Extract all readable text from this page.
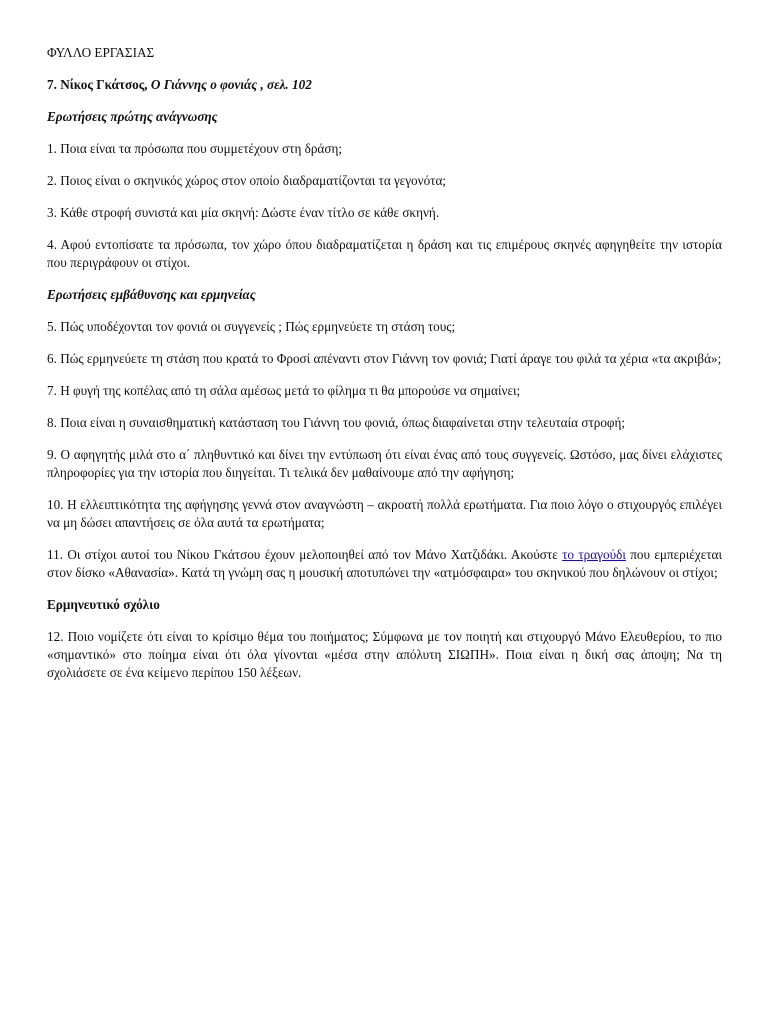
ΦΥΛΛΟ ΕΡΓΑΣΙΑΣ

7. Νίκος Γκάτσος, Ο Γιάννης ο φονιάς , σελ. 102

Ερωτήσεις πρώτης ανάγνωσης

1. Ποια είναι τα πρόσωπα που συμμετέχουν στη δράση;

2. Ποιος είναι ο σκηνικός χώρος στον οποίο διαδραματίζονται τα γεγονότα;

3. Κάθε στροφή συνιστά και μία σκηνή: Δώστε έναν τίτλο σε κάθε σκηνή.

4. Αφού εντοπίσατε τα πρόσωπα, τον χώρο όπου διαδραματίζεται η δράση και τις επιμέρους σκηνές αφηγηθείτε την ιστορία που περιγράφουν οι στίχοι.

Ερωτήσεις εμβάθυνσης και ερμηνείας

5. Πώς υποδέχονται τον φονιά οι συγγενείς ; Πώς ερμηνεύετε τη στάση τους;

6. Πώς ερμηνεύετε τη στάση που κρατά το Φροσί απέναντι στον Γιάννη τον φονιά; Γιατί άραγε του φιλά τα χέρια «τα ακριβά»;

7. Η φυγή της κοπέλας από τη σάλα αμέσως μετά το φίλημα τι θα μπορούσε να σημαίνει;

8. Ποια είναι η συναισθηματική κατάσταση του Γιάννη του φονιά, όπως διαφαίνεται στην τελευταία στροφή;

9. Ο αφηγητής μιλά στο α΄ πληθυντικό και δίνει την εντύπωση ότι είναι ένας από τους συγγενείς. Ωστόσο, μας δίνει ελάχιστες πληροφορίες για την ιστορία που διηγείται. Τι τελικά δεν μαθαίνουμε από την αφήγηση;

10. Η ελλειπτικότητα της αφήγησης γεννά στον αναγνώστη – ακροατή πολλά ερωτήματα. Για ποιο λόγο ο στιχουργός επιλέγει να μη δώσει απαντήσεις σε όλα αυτά τα ερωτήματα;

11. Οι στίχοι αυτοί του Νίκου Γκάτσου έχουν μελοποιηθεί από τον Μάνο Χατζιδάκι. Ακούστε το τραγούδι που εμπεριέχεται στον δίσκο «Αθανασία». Κατά τη γνώμη σας η μουσική αποτυπώνει την «ατμόσφαιρα» του σκηνικού που δηλώνουν οι στίχοι;

Ερμηνευτικό σχόλιο

12. Ποιο νομίζετε ότι είναι το κρίσιμο θέμα του ποιήματος; Σύμφωνα με τον ποιητή και στιχουργό Μάνο Ελευθερίου, το πιο «σημαντικό» στο ποίημα είναι ότι όλα γίνονται «μέσα στην απόλυτη ΣΙΩΠΗ». Ποια είναι η δική σας άποψη; Να τη σχολιάσετε σε ένα κείμενο περίπου 150 λέξεων.
